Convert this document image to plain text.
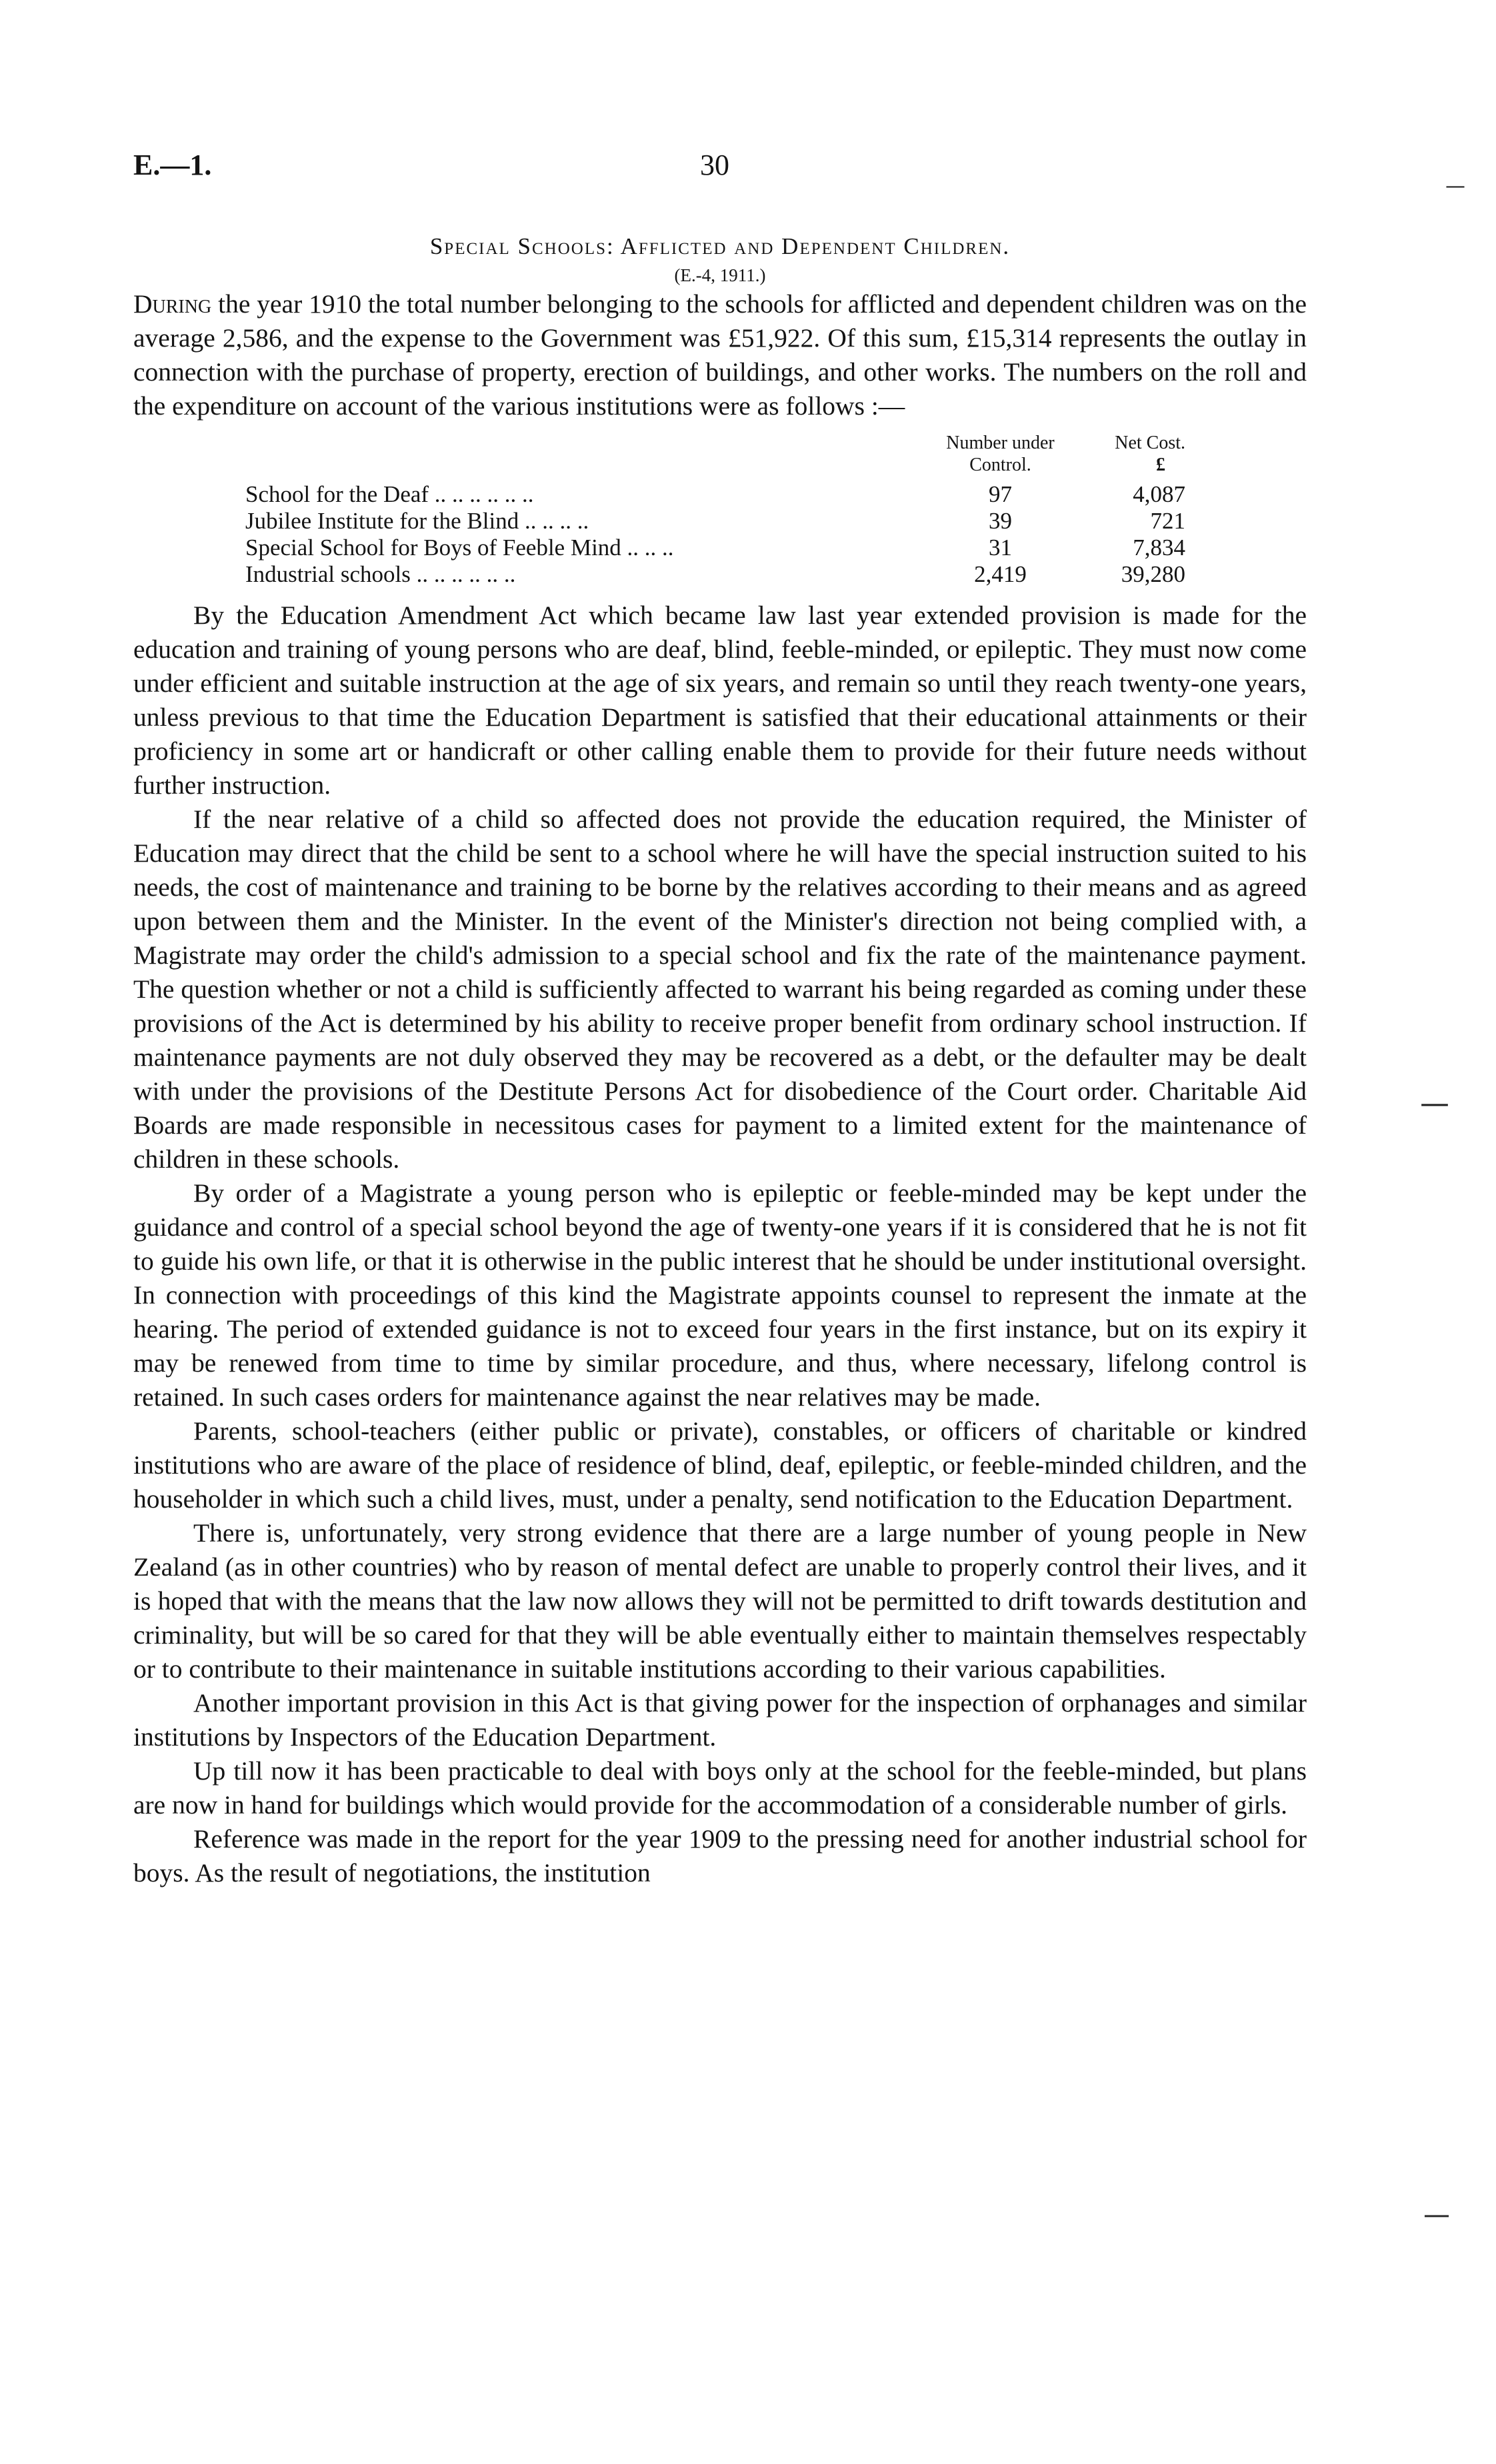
E.—1.	30
Special Schools: Afflicted and Dependent Children.
(E.-4, 1911.)

During the year 1910 the total number belonging to the schools for afflicted and dependent children was on the average 2,586, and the expense to the Government was £51,922. Of this sum, £15,314 represents the outlay in connection with the purchase of property, erection of buildings, and other works. The numbers on the roll and the expenditure on account of the various institutions were as follows :—

	Number under Control.	Net Cost.
£
School for the Deaf .. .. .. .. .. ..	97	4,087
Jubilee Institute for the Blind .. .. .. ..	39	721
Special School for Boys of Feeble Mind .. .. ..	31	7,834
Industrial schools .. .. .. .. .. ..	2,419	39,280

By the Education Amendment Act which became law last year extended provision is made for the education and training of young persons who are deaf, blind, feeble-minded, or epileptic. They must now come under efficient and suitable instruction at the age of six years, and remain so until they reach twenty-one years, unless previous to that time the Education Department is satisfied that their educational attainments or their proficiency in some art or handicraft or other calling enable them to provide for their future needs without further instruction.

If the near relative of a child so affected does not provide the education required, the Minister of Education may direct that the child be sent to a school where he will have the special instruction suited to his needs, the cost of maintenance and training to be borne by the relatives according to their means and as agreed upon between them and the Minister. In the event of the Minister's direction not being complied with, a Magistrate may order the child's admission to a special school and fix the rate of the maintenance payment. The question whether or not a child is sufficiently affected to warrant his being regarded as coming under these provisions of the Act is determined by his ability to receive proper benefit from ordinary school instruction. If maintenance payments are not duly observed they may be recovered as a debt, or the defaulter may be dealt with under the provisions of the Destitute Persons Act for disobedience of the Court order. Charitable Aid Boards are made responsible in necessitous cases for payment to a limited extent for the maintenance of children in these schools.

By order of a Magistrate a young person who is epileptic or feeble-minded may be kept under the guidance and control of a special school beyond the age of twenty-one years if it is considered that he is not fit to guide his own life, or that it is otherwise in the public interest that he should be under institutional oversight. In connection with proceedings of this kind the Magistrate appoints counsel to represent the inmate at the hearing. The period of extended guidance is not to exceed four years in the first instance, but on its expiry it may be renewed from time to time by similar procedure, and thus, where necessary, lifelong control is retained. In such cases orders for maintenance against the near relatives may be made.

Parents, school-teachers (either public or private), constables, or officers of charitable or kindred institutions who are aware of the place of residence of blind, deaf, epileptic, or feeble-minded children, and the householder in which such a child lives, must, under a penalty, send notification to the Education Department.

There is, unfortunately, very strong evidence that there are a large number of young people in New Zealand (as in other countries) who by reason of mental defect are unable to properly control their lives, and it is hoped that with the means that the law now allows they will not be permitted to drift towards destitution and criminality, but will be so cared for that they will be able eventually either to maintain themselves respectably or to contribute to their maintenance in suitable institutions according to their various capabilities.

Another important provision in this Act is that giving power for the inspection of orphanages and similar institutions by Inspectors of the Education Department.

Up till now it has been practicable to deal with boys only at the school for the feeble-minded, but plans are now in hand for buildings which would provide for the accommodation of a considerable number of girls.

Reference was made in the report for the year 1909 to the pressing need for another industrial school for boys. As the result of negotiations, the institution

—
—
—
